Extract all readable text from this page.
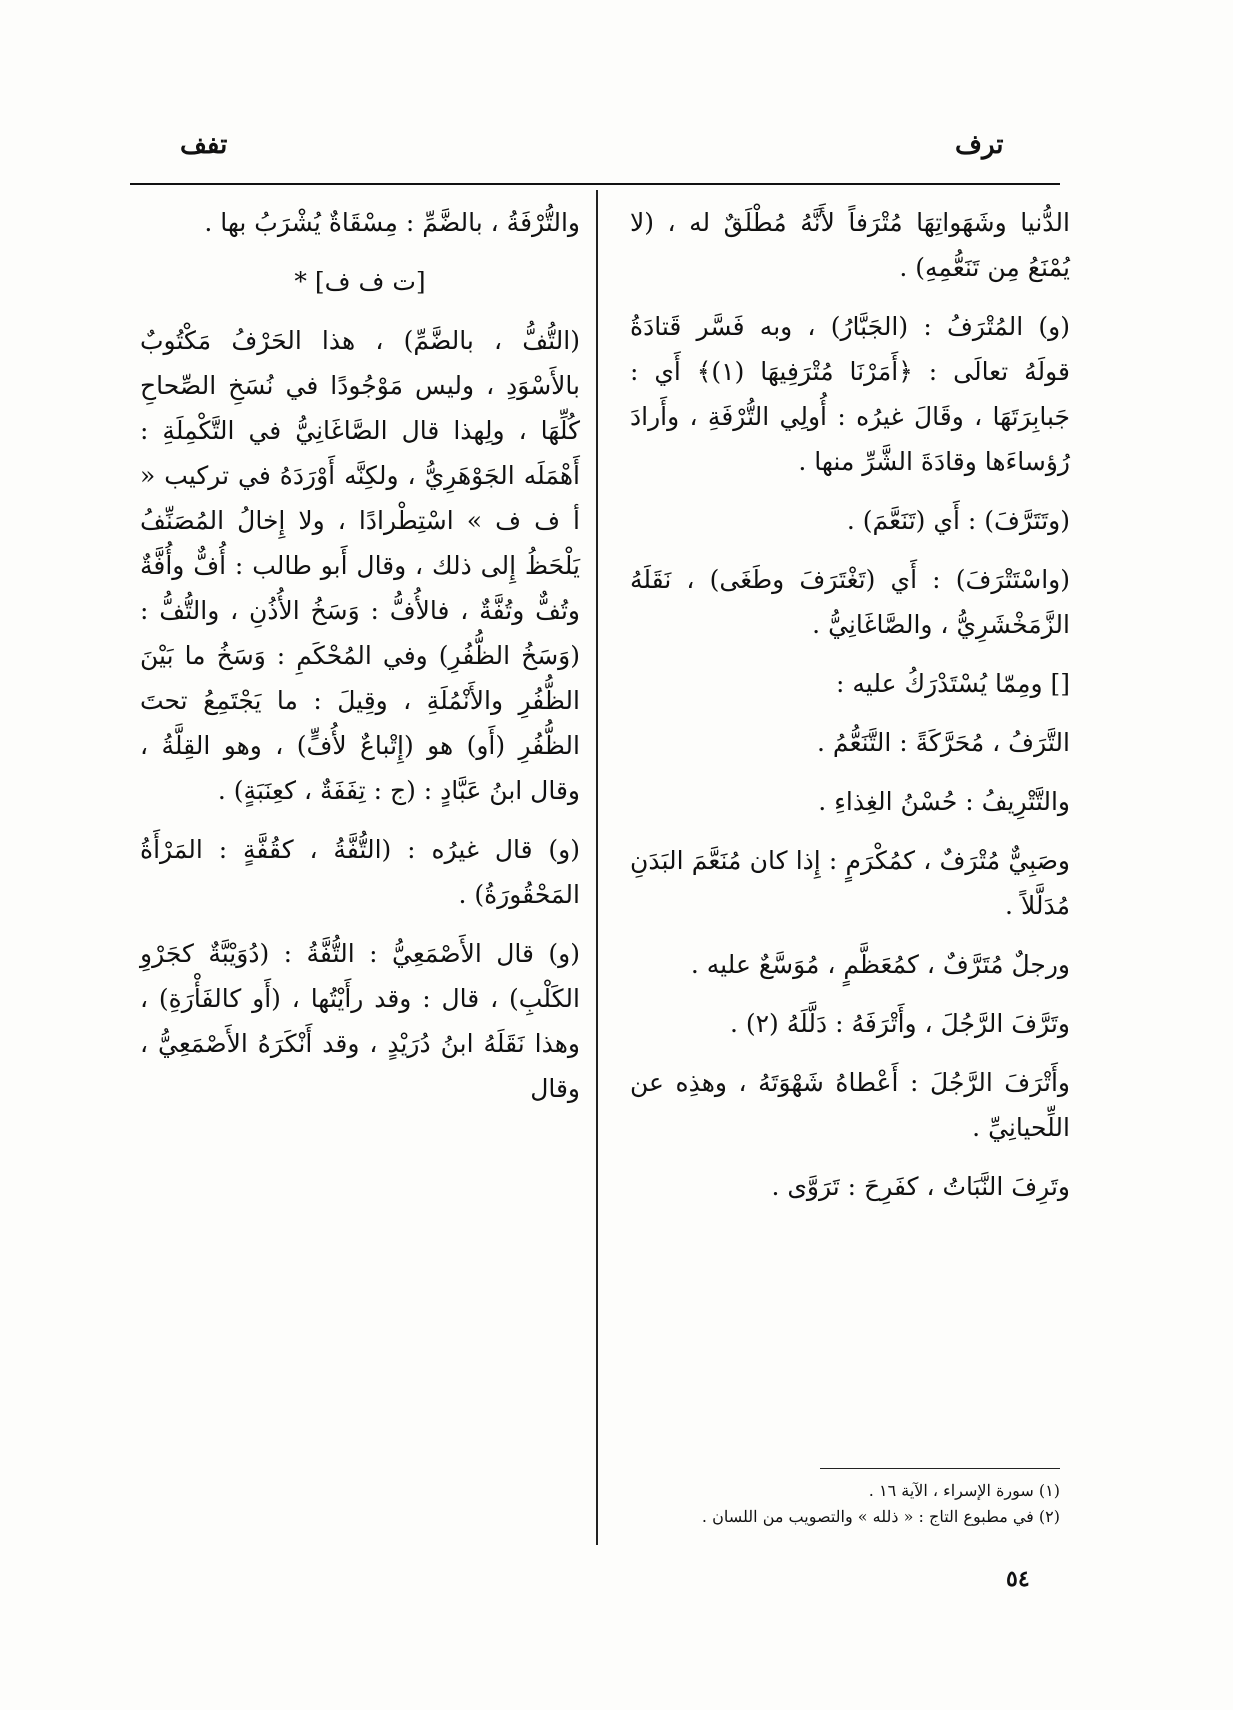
تفف	ترف

الدُّنيا وشَهَواتِهَا مُتْرَفاً لأَنَّهُ مُطْلَقٌ له ، (لا يُمْنَعُ مِن تَنَعُّمِهِ) .

(و) المُتْرَفُ : (الجَبَّارُ) ، وبه فَسَّر قَتادَةُ قولَهُ تعالَى : ﴿أَمَرْنَا مُتْرَفِيهَا (١)﴾ أَي : جَبابِرَتَهَا ، وقَالَ غيرُه : أُولِي التُّرْفَةِ ، وأَرادَ رُؤساءَها وقادَةَ الشَّرِّ منها .

(وتَتَرَّفَ) : أَي (تَنَعَّمَ) .

(واسْتَتْرَفَ) : أَي (تَغْتَرَفَ وطَغَى) ، نَقَلَهُ الزَّمَخْشَرِيُّ ، والصَّاغَانِيُّ .

[] ومِمّا يُسْتَدْرَكُ عليه :

التَّرَفُ ، مُحَرَّكَةً : التَّنَعُّمُ .

والتَّتْرِيفُ : حُسْنُ الغِذاءِ .

وصَبِيٌّ مُتْرَفٌ ، كمُكْرَمٍ : إِذا كان مُنَعَّمَ البَدَنِ مُدَلَّلاً .

ورجلٌ مُتَرَّفٌ ، كمُعَظَّمٍ ، مُوَسَّعٌ عليه .

وتَرَّفَ الرَّجُلَ ، وأَتْرَفَهُ : دَلَّلَهُ (٢) .

وأَتْرَفَ الرَّجُلَ : أَعْطاهُ شَهْوَتَهُ ، وهذِه عن اللِّحيانِيِّ .

وتَرِفَ النَّبَاتُ ، كفَرِحَ : تَرَوَّى .

والتُّرْفَةُ ، بالضَّمِّ : مِسْقَاةٌ يُشْرَبُ بها .

[ت ف ف] *

(التُّفُّ ، بالضَّمِّ) ، هذا الحَرْفُ مَكْتُوبٌ بالأَسْوَدِ ، وليس مَوْجُودًا في نُسَخِ الصِّحاحِ كُلِّهَا ، ولِهذا قال الصَّاغَانِيُّ في التَّكْمِلَةِ : أَهْمَلَه الجَوْهَرِيُّ ، ولكِنَّه أَوْرَدَهُ في تركيب « أ ف ف » اسْتِطْرادًا ، ولا إِخالُ المُصَنِّفُ يَلْحَظُ إِلى ذلك ، وقال أَبو طالب : أُفٌّ وأُفَّةٌ وتُفٌّ وتُفَّةٌ ، فالأُفُّ : وَسَخُ الأُذُنِ ، والتُّفُّ : (وَسَخُ الظُّفُرِ) وفي المُحْكَمِ : وَسَخُ ما بَيْنَ الظُّفُرِ والأَنْمُلَةِ ، وقِيلَ : ما يَجْتَمِعُ تحتَ الظُّفُرِ (أَو) هو (إِتْباعٌ لأُفٍّ) ، وهو القِلَّةُ ، وقال ابنُ عَبَّادٍ : (ج : تِفَفَةٌ ، كعِنَبَةٍ) .

(و) قال غيرُه : (التُّفَّةُ ، كقُفَّةٍ : المَرْأَةُ المَحْقُورَةُ) .

(و) قال الأَصْمَعِيُّ : التُّفَّةُ : (دُوَيْبَّةٌ كجَرْوِ الكَلْبِ) ، قال : وقد رأَيْتُها ، (أَو كالفَأْرَةِ) ، وهذا نَقَلَهُ ابنُ دُرَيْدٍ ، وقد أَنْكَرَهُ الأَصْمَعِيُّ ، وقال

(١) سورة الإسراء ، الآية ١٦ .
(٢) في مطبوع التاج : « ذلله » والتصويب من اللسان .
٥٤
